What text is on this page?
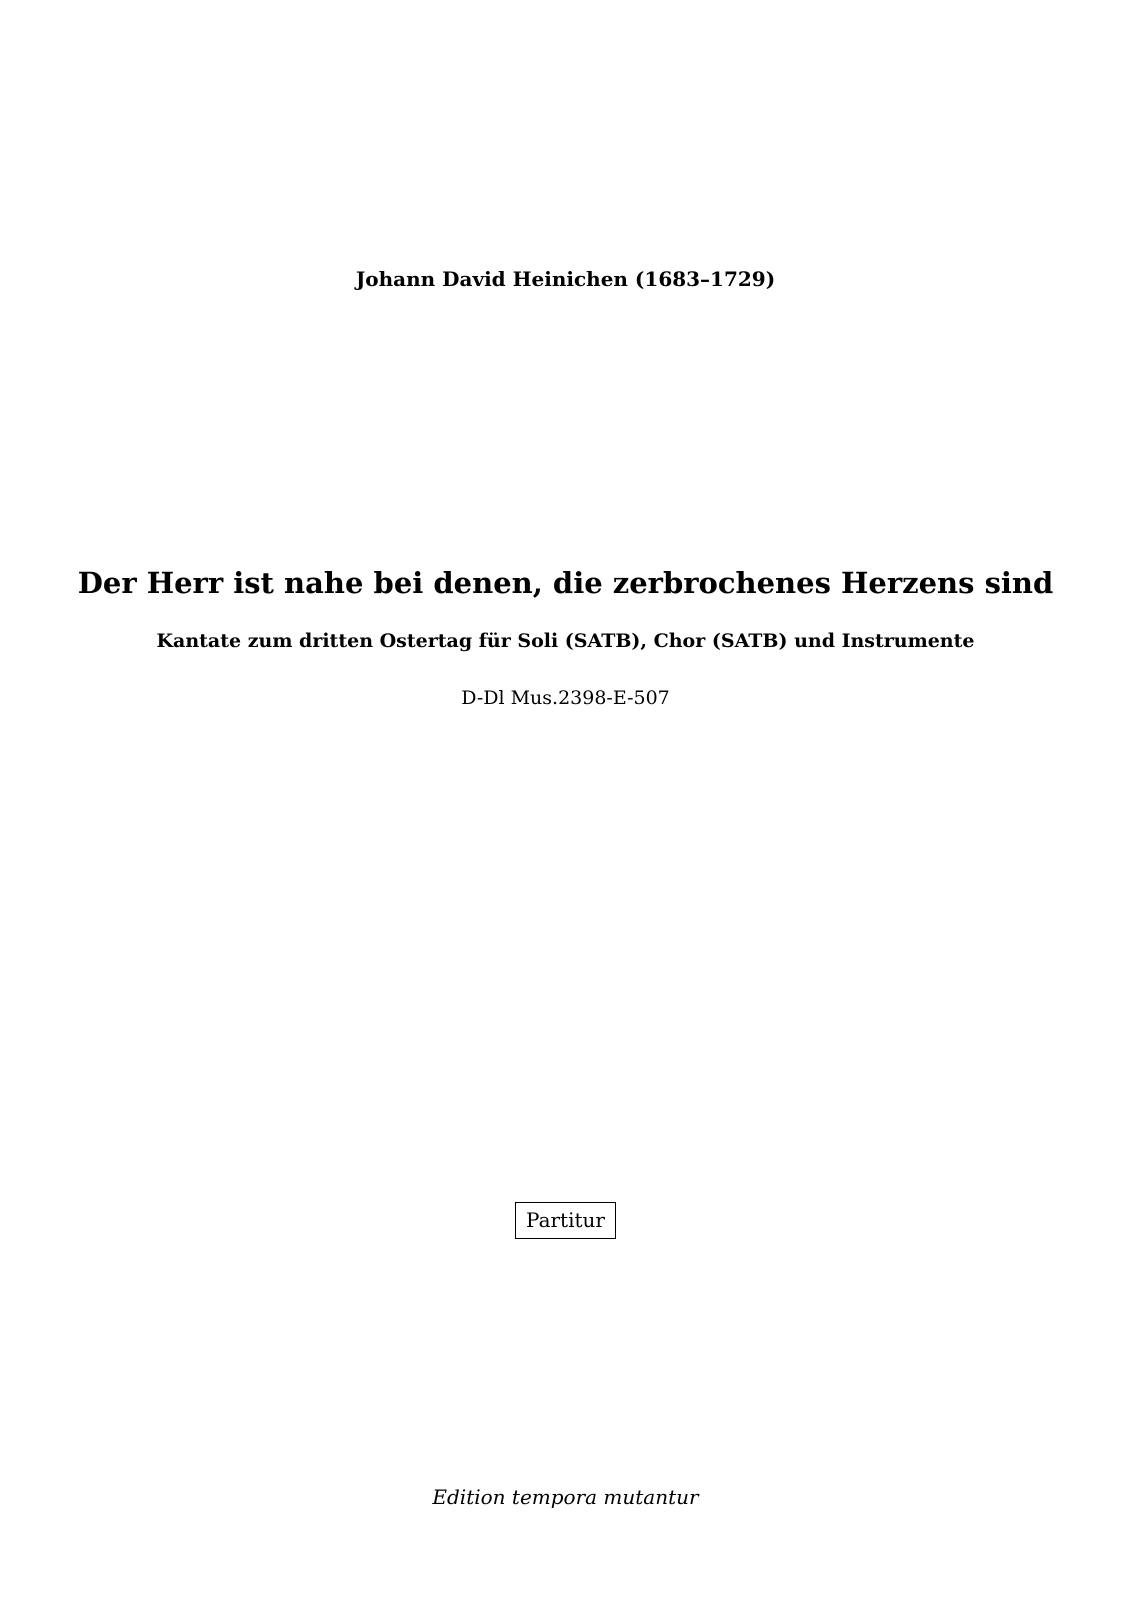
Johann David Heinichen (1683–1729)

Der Herr ist nahe bei denen, die zerbrochenes Herzens sind

Kantate zum dritten Ostertag für Soli (SATB), Chor (SATB) und Instrumente

D-Dl Mus.2398-E-507

Partitur

Edition tempora mutantur
